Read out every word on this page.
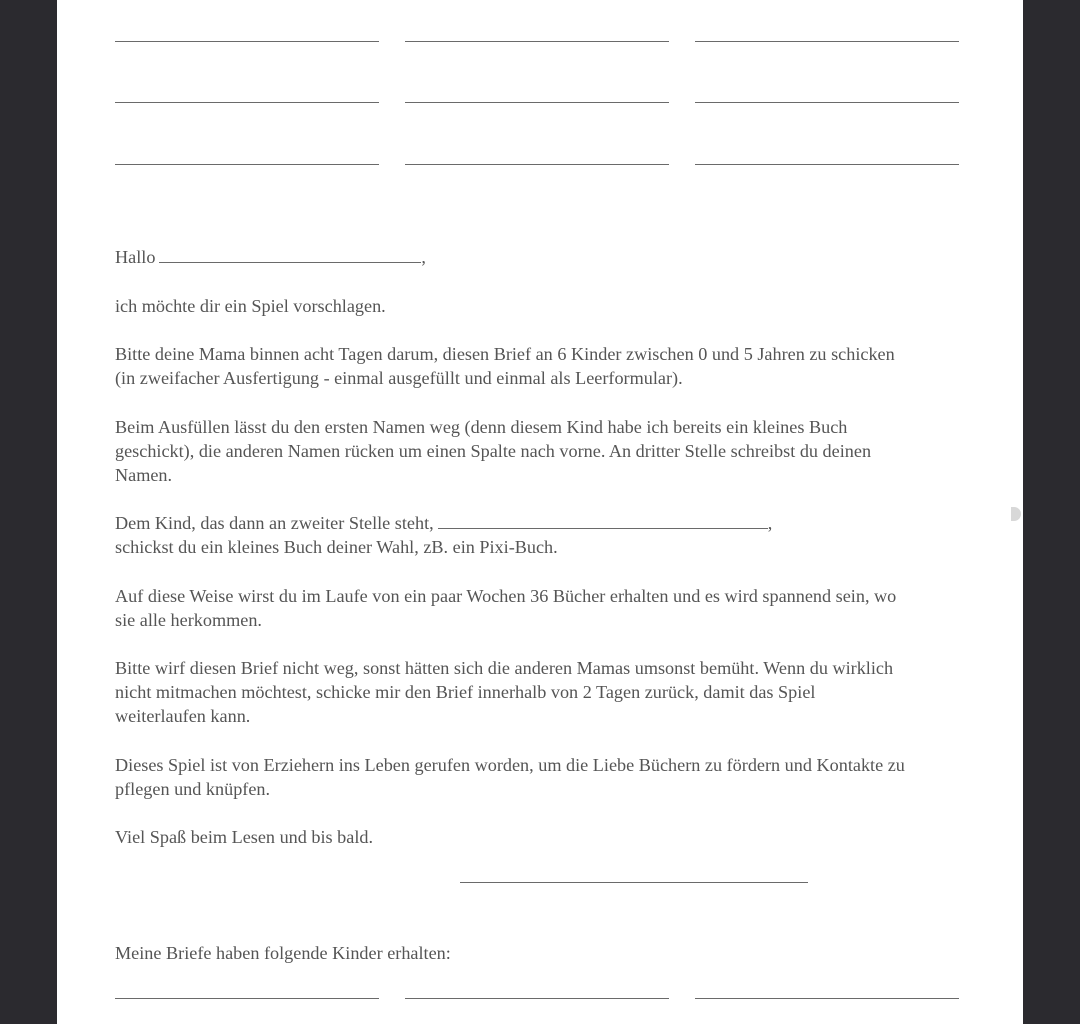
Hallo	,
ich möchte dir ein Spiel vorschlagen.
Bitte deine Mama binnen acht Tagen darum, diesen Brief an 6 Kinder zwischen 0 und 5 Jahren zu schicken
(in zweifacher Ausfertigung - einmal ausgefüllt und einmal als Leerformular).
Beim Ausfüllen lässt du den ersten Namen weg (denn diesem Kind habe ich bereits ein kleines Buch
geschickt), die anderen Namen rücken um einen Spalte nach vorne. An dritter Stelle schreibst du deinen
Namen.
Dem Kind, das dann an zweiter Stelle steht,	,
schickst du ein kleines Buch deiner Wahl, zB. ein Pixi-Buch.
Auf diese Weise wirst du im Laufe von ein paar Wochen 36 Bücher erhalten und es wird spannend sein, wo
sie alle herkommen.
Bitte wirf diesen Brief nicht weg, sonst hätten sich die anderen Mamas umsonst bemüht. Wenn du wirklich
nicht mitmachen möchtest, schicke mir den Brief innerhalb von 2 Tagen zurück, damit das Spiel
weiterlaufen kann.
Dieses Spiel ist von Erziehern ins Leben gerufen worden, um die Liebe Büchern zu fördern und Kontakte zu
pflegen und knüpfen.
Viel Spaß beim Lesen und bis bald.
Meine Briefe haben folgende Kinder erhalten:
